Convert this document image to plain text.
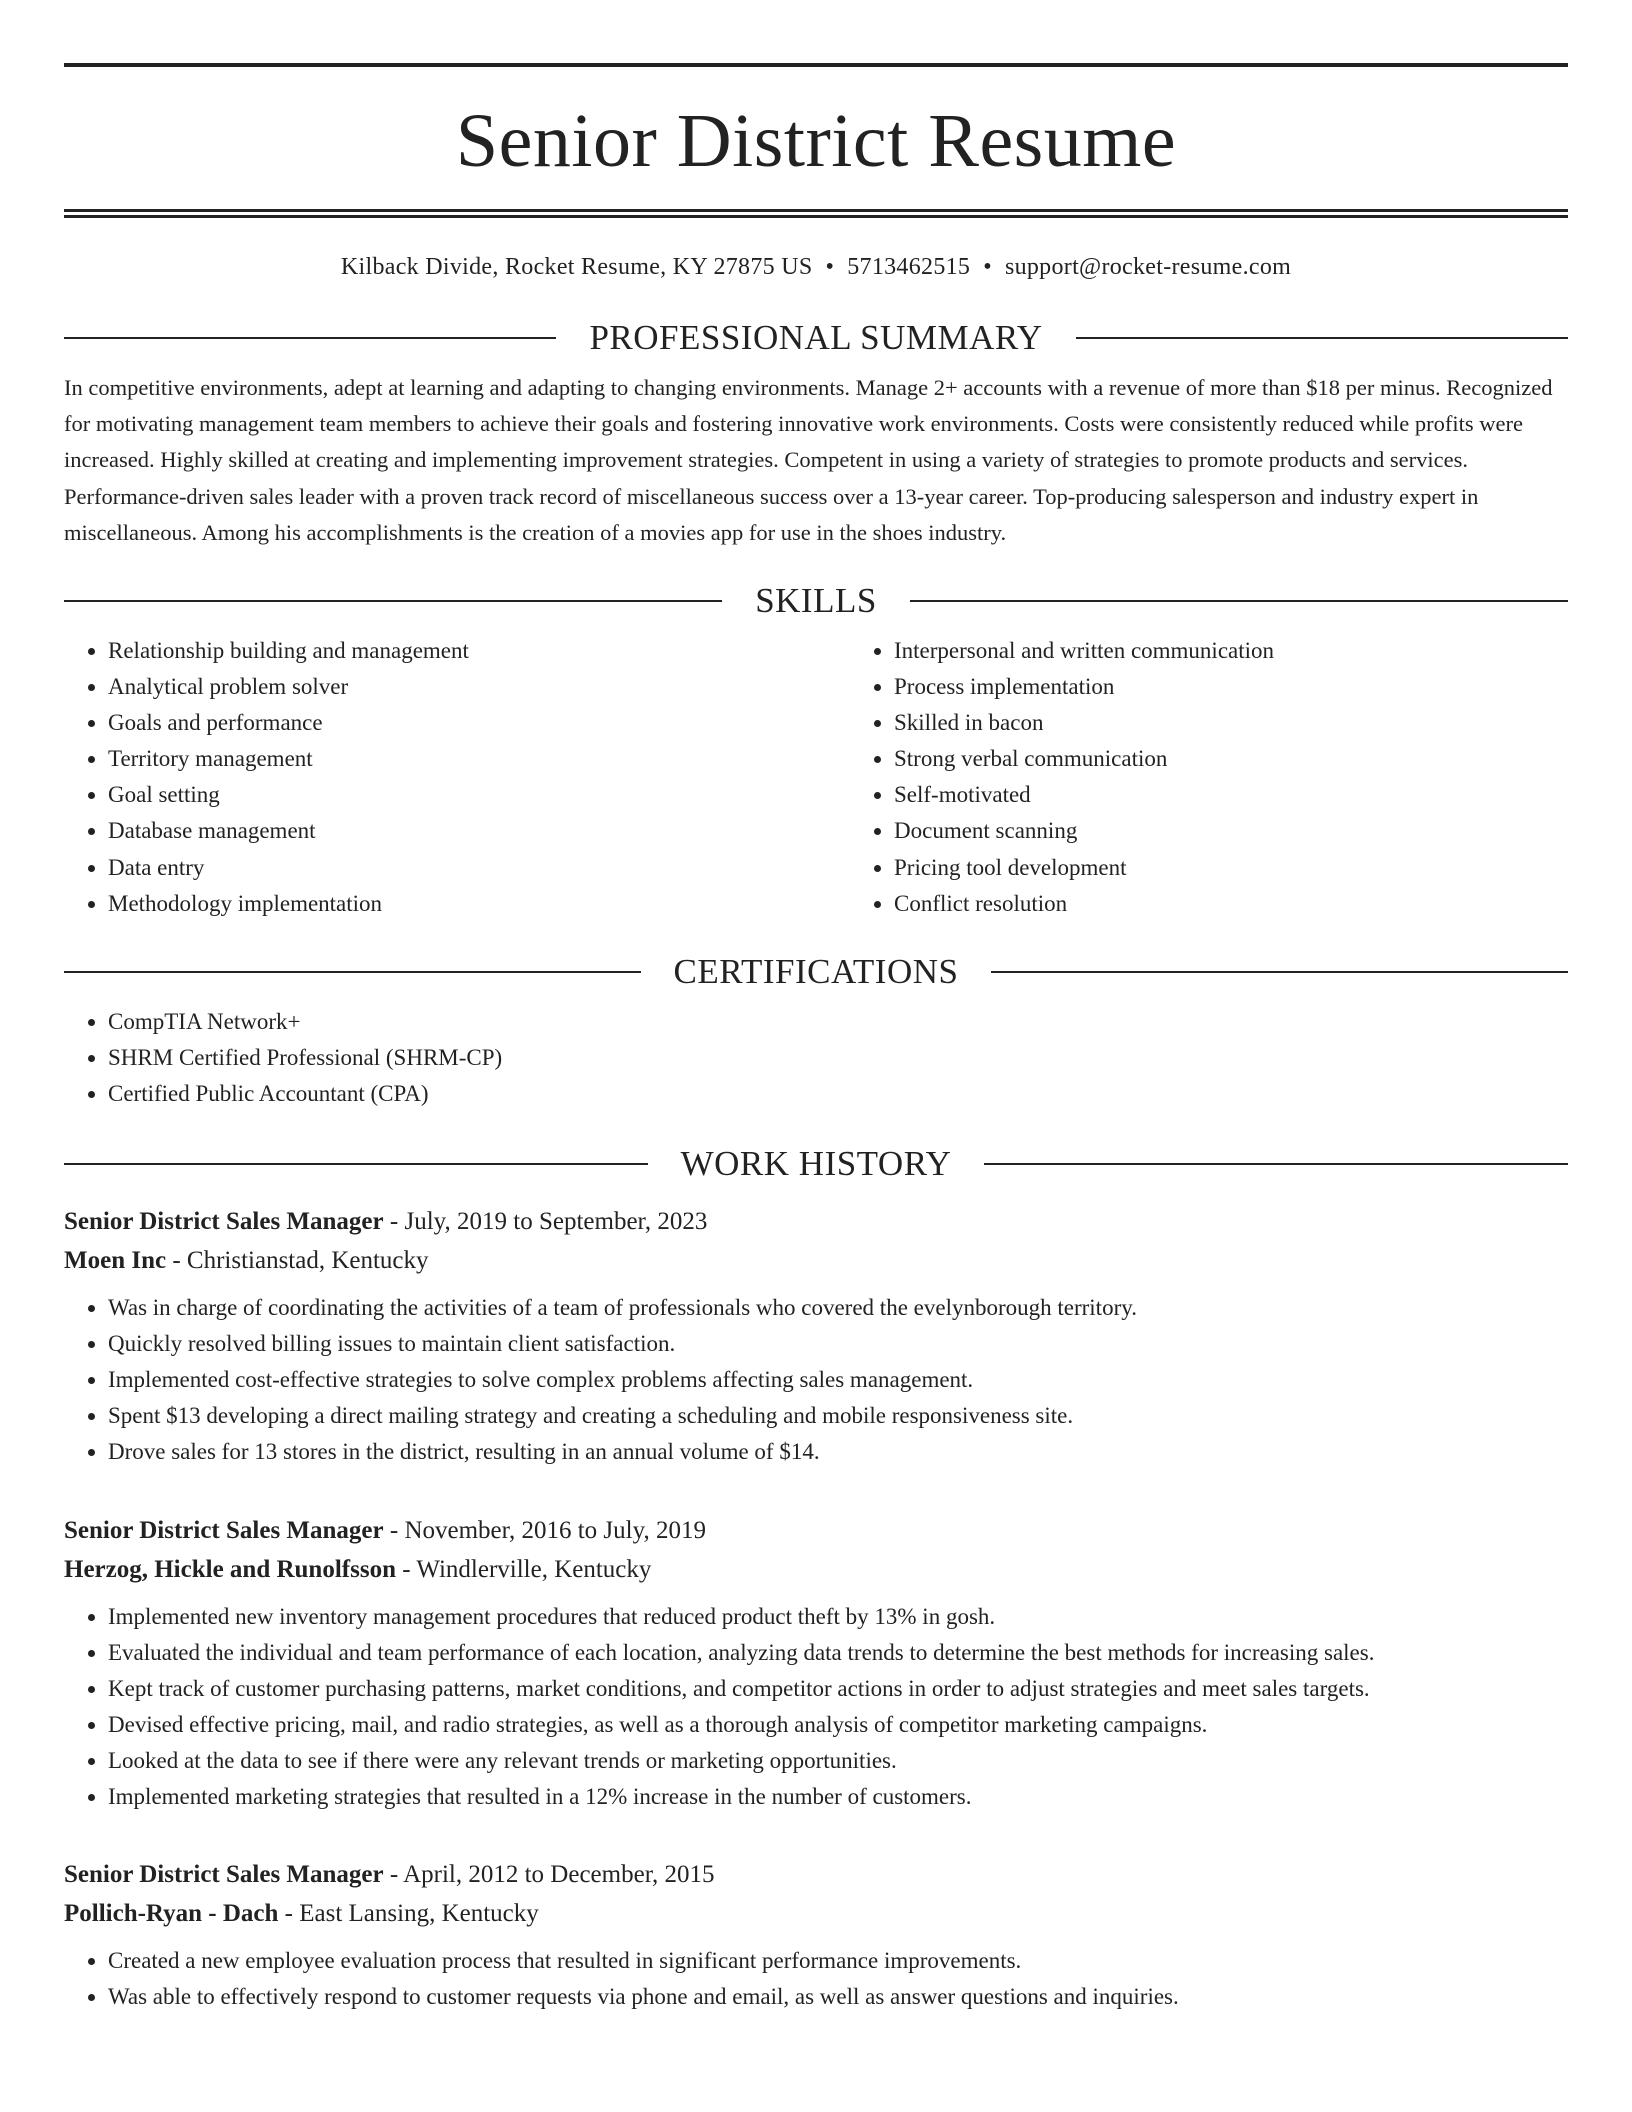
Senior District Resume
Kilback Divide, Rocket Resume, KY 27875 US • 5713462515 • support@rocket-resume.com
PROFESSIONAL SUMMARY

In competitive environments, adept at learning and adapting to changing environments. Manage 2+ accounts with a revenue of more than $18 per minus. Recognized for motivating management team members to achieve their goals and fostering innovative work environments. Costs were consistently reduced while profits were increased. Highly skilled at creating and implementing improvement strategies. Competent in using a variety of strategies to promote products and services. Performance-driven sales leader with a proven track record of miscellaneous success over a 13-year career. Top-producing salesperson and industry expert in miscellaneous. Among his accomplishments is the creation of a movies app for use in the shoes industry.

SKILLS
• Relationship building and management
• Analytical problem solver
• Goals and performance
• Territory management
• Goal setting
• Database management
• Data entry
• Methodology implementation
• Interpersonal and written communication
• Process implementation
• Skilled in bacon
• Strong verbal communication
• Self-motivated
• Document scanning
• Pricing tool development
• Conflict resolution
CERTIFICATIONS
• CompTIA Network+
• SHRM Certified Professional (SHRM-CP)
• Certified Public Accountant (CPA)
WORK HISTORY
Senior District Sales Manager - July, 2019 to September, 2023
Moen Inc - Christianstad, Kentucky
• Was in charge of coordinating the activities of a team of professionals who covered the evelynborough territory.
• Quickly resolved billing issues to maintain client satisfaction.
• Implemented cost-effective strategies to solve complex problems affecting sales management.
• Spent $13 developing a direct mailing strategy and creating a scheduling and mobile responsiveness site.
• Drove sales for 13 stores in the district, resulting in an annual volume of $14.
Senior District Sales Manager - November, 2016 to July, 2019
Herzog, Hickle and Runolfsson - Windlerville, Kentucky
• Implemented new inventory management procedures that reduced product theft by 13% in gosh.
• Evaluated the individual and team performance of each location, analyzing data trends to determine the best methods for increasing sales.
• Kept track of customer purchasing patterns, market conditions, and competitor actions in order to adjust strategies and meet sales targets.
• Devised effective pricing, mail, and radio strategies, as well as a thorough analysis of competitor marketing campaigns.
• Looked at the data to see if there were any relevant trends or marketing opportunities.
• Implemented marketing strategies that resulted in a 12% increase in the number of customers.
Senior District Sales Manager - April, 2012 to December, 2015
Pollich-Ryan - Dach - East Lansing, Kentucky
• Created a new employee evaluation process that resulted in significant performance improvements.
• Was able to effectively respond to customer requests via phone and email, as well as answer questions and inquiries.
